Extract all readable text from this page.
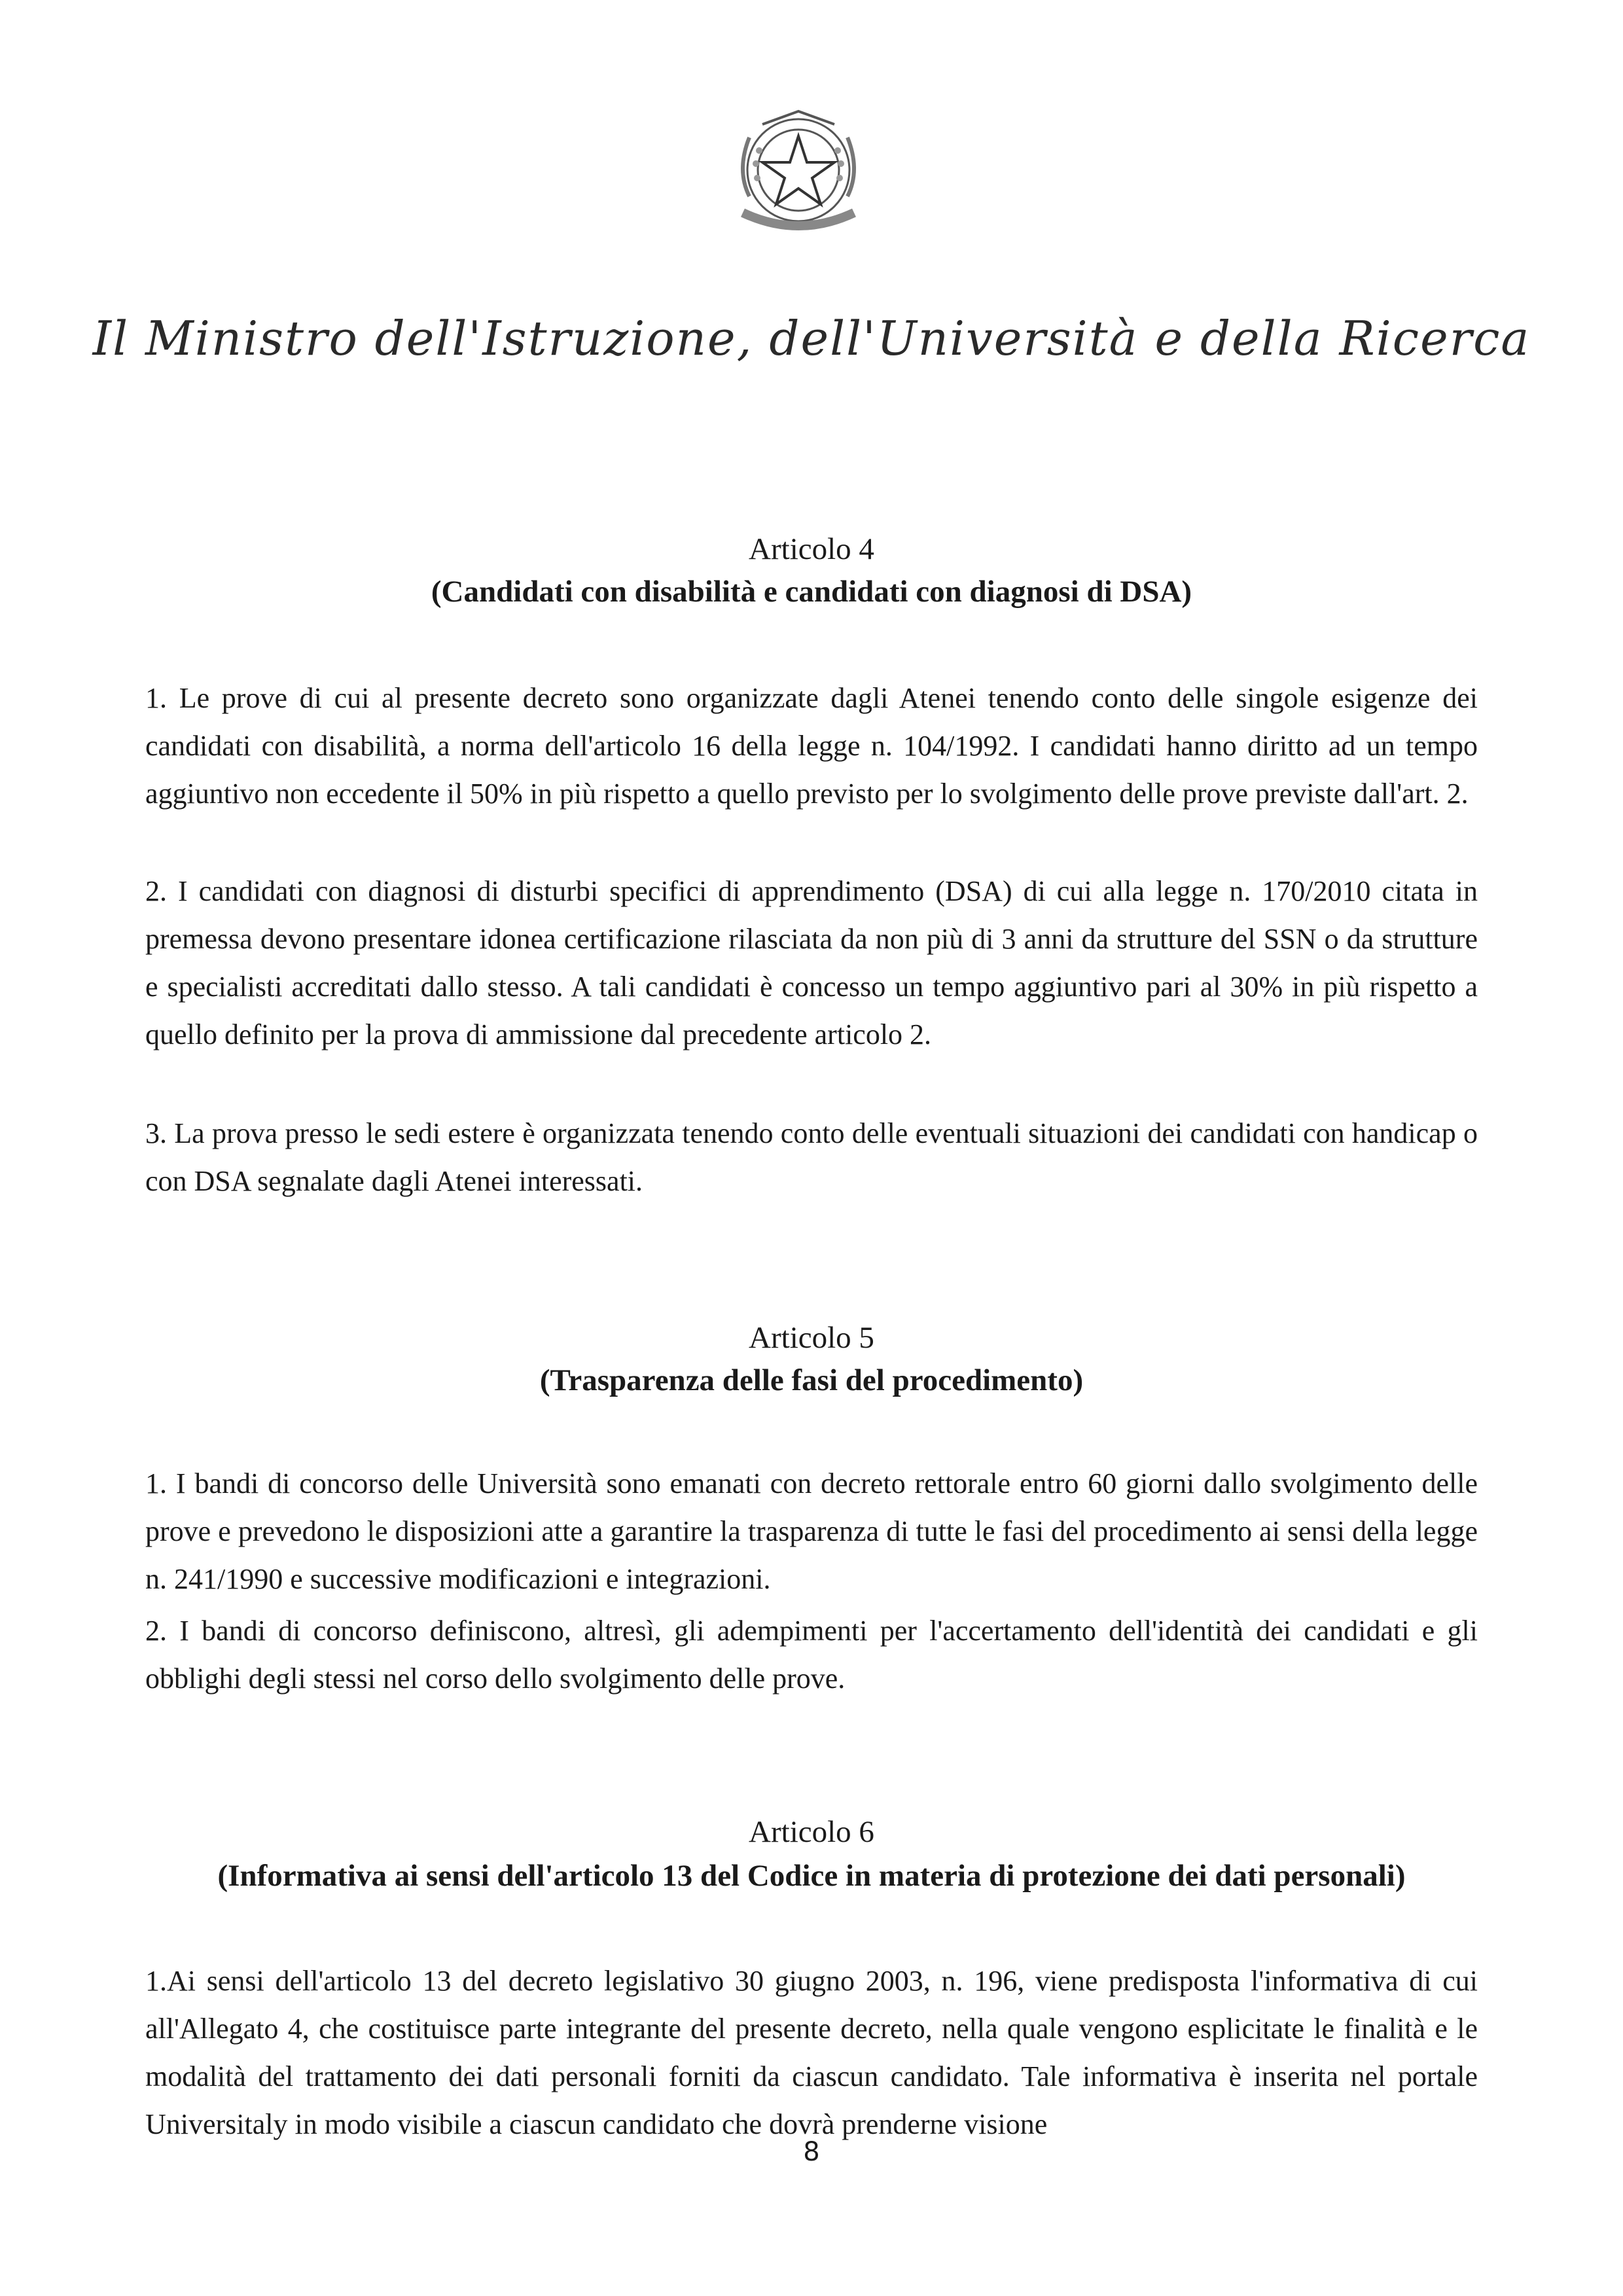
Il Ministro dell'Istruzione, dell'Università e della Ricerca
Articolo 4
(Candidati con disabilità e candidati con diagnosi di DSA)

1. Le prove di cui al presente decreto sono organizzate dagli Atenei tenendo conto delle singole esigenze dei candidati con disabilità, a norma dell'articolo 16 della legge n. 104/1992. I candidati hanno diritto ad un tempo aggiuntivo non eccedente il 50% in più rispetto a quello previsto per lo svolgimento delle prove previste dall'art. 2.

2. I candidati con diagnosi di disturbi specifici di apprendimento (DSA) di cui alla legge n. 170/2010 citata in premessa devono presentare idonea certificazione rilasciata da non più di 3 anni da strutture del SSN o da strutture e specialisti accreditati dallo stesso. A tali candidati è concesso un tempo aggiuntivo pari al 30% in più rispetto a quello definito per la prova di ammissione dal precedente articolo 2.

3. La prova presso le sedi estere è organizzata tenendo conto delle eventuali situazioni dei candidati con handicap o con DSA segnalate dagli Atenei interessati.

Articolo 5
(Trasparenza delle fasi del procedimento)

1. I bandi di concorso delle Università sono emanati con decreto rettorale entro 60 giorni dallo svolgimento delle prove e prevedono le disposizioni atte a garantire la trasparenza di tutte le fasi del procedimento ai sensi della legge n. 241/1990 e successive modificazioni e integrazioni.

2. I bandi di concorso definiscono, altresì, gli adempimenti per l'accertamento dell'identità dei candidati e gli obblighi degli stessi nel corso dello svolgimento delle prove.

Articolo 6
(Informativa ai sensi dell'articolo 13 del Codice in materia di protezione dei dati personali)

1.Ai sensi dell'articolo 13 del decreto legislativo 30 giugno 2003, n. 196, viene predisposta l'informativa di cui all'Allegato 4, che costituisce parte integrante del presente decreto, nella quale vengono esplicitate le finalità e le modalità del trattamento dei dati personali forniti da ciascun candidato. Tale informativa è inserita nel portale Universitaly in modo visibile a ciascun candidato che dovrà prenderne visione

8
